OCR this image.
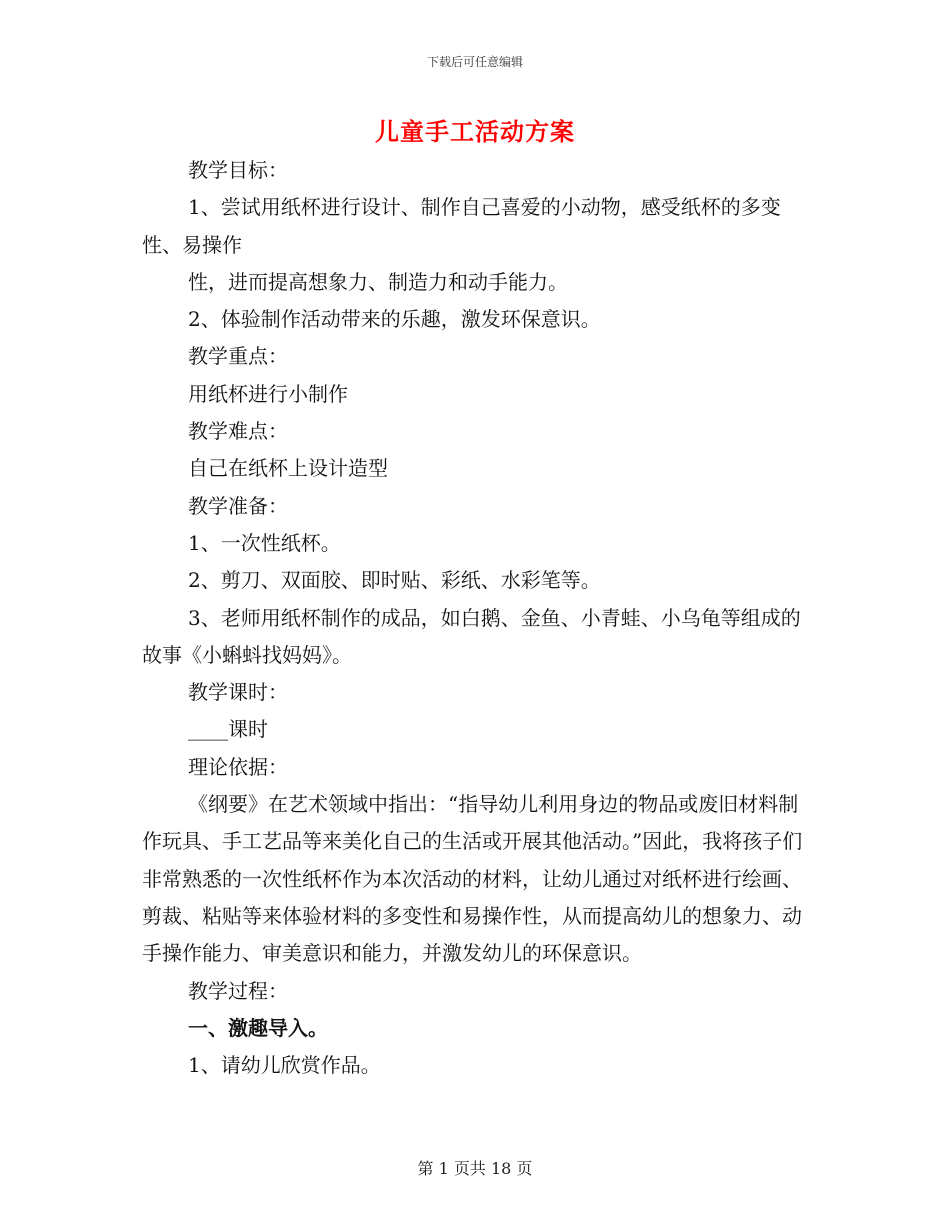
下载后可任意编辑
儿童手工活动方案

教学目标：

1、尝试用纸杯进行设计、制作自己喜爱的小动物，感受纸杯的多变性、易操作

性，进而提高想象力、制造力和动手能力。

2、体验制作活动带来的乐趣，激发环保意识。

教学重点：

用纸杯进行小制作

教学难点：

自己在纸杯上设计造型

教学准备：

1、一次性纸杯。

2、剪刀、双面胶、即时贴、彩纸、水彩笔等。

3、老师用纸杯制作的成品，如白鹅、金鱼、小青蛙、小乌龟等组成的故事《小蝌蚪找妈妈》。

教学课时：

____课时

理论依据：

《纲要》在艺术领域中指出：“指导幼儿利用身边的物品或废旧材料制作玩具、手工艺品等来美化自己的生活或开展其他活动。”因此，我将孩子们非常熟悉的一次性纸杯作为本次活动的材料，让幼儿通过对纸杯进行绘画、剪裁、粘贴等来体验材料的多变性和易操作性，从而提高幼儿的想象力、动手操作能力、审美意识和能力，并激发幼儿的环保意识。

教学过程：

一、激趣导入。

1、请幼儿欣赏作品。

第 1 页共 18 页
